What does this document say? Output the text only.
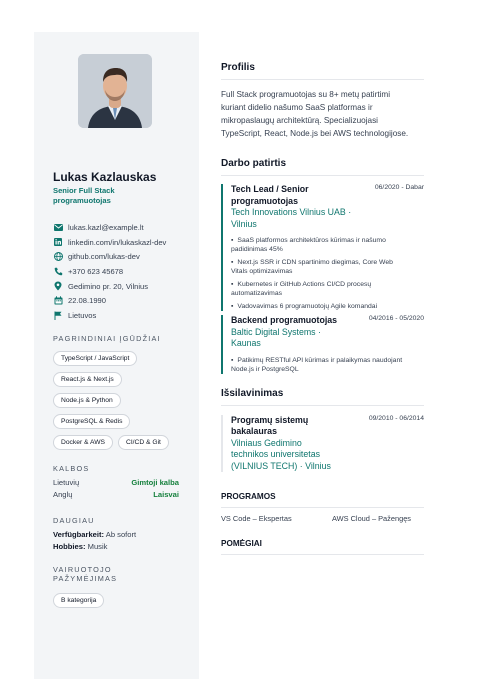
Lukas Kazlauskas
Senior Full Stack programuotojas
lukas.kazl@example.lt
linkedin.com/in/lukaskazl-dev
github.com/lukas-dev
+370 623 45678
Gedimino pr. 20, Vilnius
22.08.1990
Lietuvos
PAGRINDINIAI ĮGŪDŽIAI
TypeScript / JavaScript
React.js & Next.js
Node.js & Python
PostgreSQL & Redis
Docker & AWS	CI/CD & Git
KALBOS
Lietuvių	Gimtoji kalba
Anglų	Laisvai
DAUGIAU
Verfügbarkeit: Ab sofort
Hobbies: Musik
VAIRUOTOJO PAŽYMĖJIMAS
B kategorija
Profilis

Full Stack programuotojas su 8+ metų patirtimi kuriant didelio našumo SaaS platformas ir mikropaslaugų architektūrą. Specializuojasi TypeScript, React, Node.js bei AWS technologijose.

Darbo patirtis
Tech Lead / Senior programuotojas
Tech Innovations Vilnius UAB · Vilnius
06/2020 - Dabar
▪ SaaS platformos architektūros kūrimas ir našumo padidinimas 45%
▪ Next.js SSR ir CDN spartinimo diegimas, Core Web Vitals optimizavimas
▪ Kubernetes ir GitHub Actions CI/CD procesų automatizavimas
▪ Vadovavimas 6 programuotojų Agile komandai
Backend programuotojas
Baltic Digital Systems · Kaunas
04/2016 - 05/2020
▪ Patikimų RESTful API kūrimas ir palaikymas naudojant Node.js ir PostgreSQL
Išsilavinimas
Programų sistemų bakalauras
Vilniaus Gedimino technikos universitetas (VILNIUS TECH) · Vilnius
09/2010 - 06/2014
PROGRAMOS
VS Code – Ekspertas	AWS Cloud – Pažengęs
POMĖGIAI
